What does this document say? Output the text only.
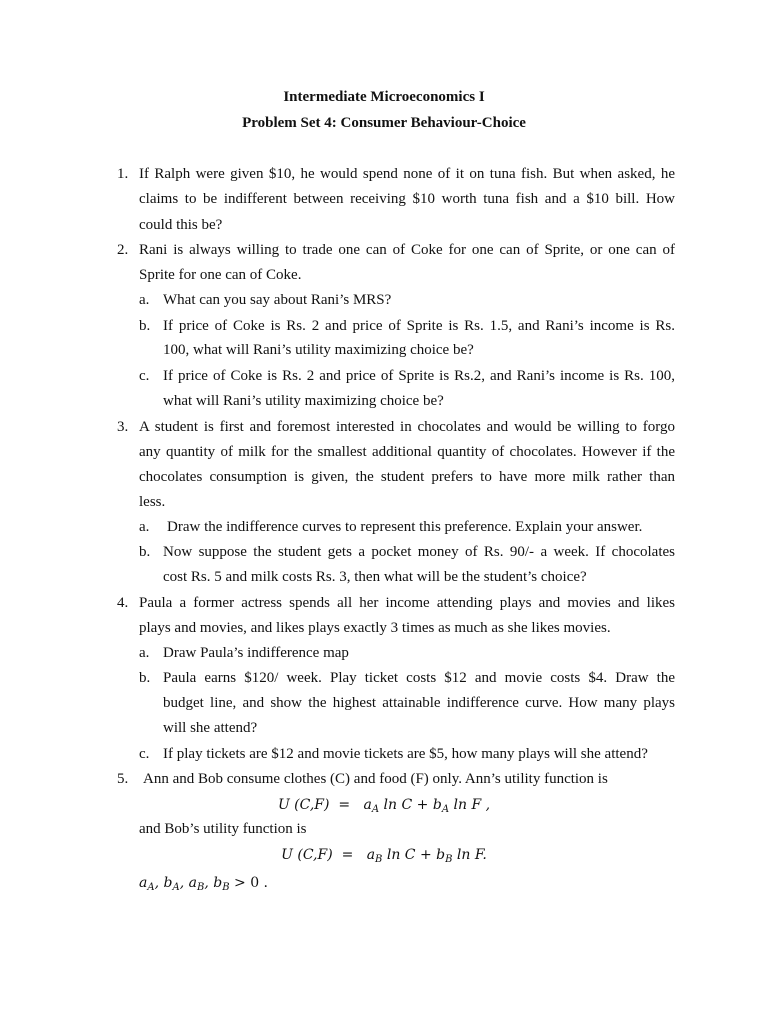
Intermediate Microeconomics I
Problem Set 4: Consumer Behaviour-Choice
1. If Ralph were given $10, he would spend none of it on tuna fish. But when asked, he
claims to be indifferent between receiving $10 worth tuna fish and a $10 bill. How
could this be?
2. Rani is always willing to trade one can of Coke for one can of Sprite, or one can of
Sprite for one can of Coke.
a. What can you say about Rani’s MRS?
b. If price of Coke is Rs. 2 and price of Sprite is Rs. 1.5, and Rani’s income is Rs.
100, what will Rani’s utility maximizing choice be?
c. If price of Coke is Rs. 2 and price of Sprite is Rs.2, and Rani’s income is Rs. 100,
what will Rani’s utility maximizing choice be?
3. A student is first and foremost interested in chocolates and would be willing to forgo
any quantity of milk for the smallest additional quantity of chocolates. However if the
chocolates consumption is given, the student prefers to have more milk rather than
less.
a. Draw the indifference curves to represent this preference. Explain your answer.
b. Now suppose the student gets a pocket money of Rs. 90/- a week. If chocolates
cost Rs. 5 and milk costs Rs. 3, then what will be the student’s choice?
4. Paula a former actress spends all her income attending plays and movies and likes
plays and movies, and likes plays exactly 3 times as much as she likes movies.
a. Draw Paula’s indifference map
b. Paula earns $120/ week. Play ticket costs $12 and movie costs $4. Draw the
budget line, and show the highest attainable indifference curve. How many plays
will she attend?
c. If play tickets are $12 and movie tickets are $5, how many plays will she attend?
5. Ann and Bob consume clothes (C) and food (F) only. Ann’s utility function is
U $(C,F) = a_A$ $\ln C + b_A$ ln F ,
and Bob’s utility function is
U $(C,F) = a_B$ $\ln C + b_B$ ln F.
$a_A$, $b_A$, $a_B$, $b_B > 0$ .
